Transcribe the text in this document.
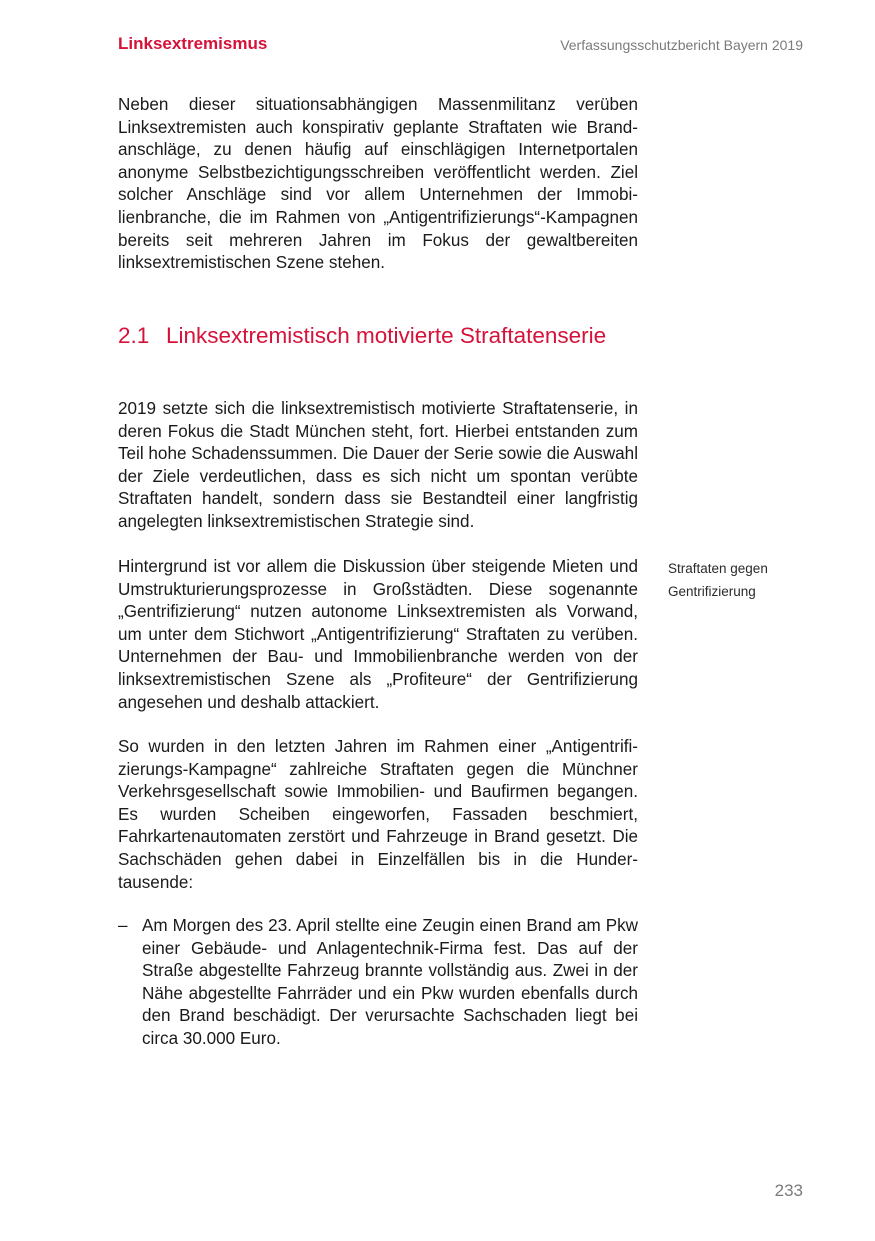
Linksextremismus	Verfassungsschutzbericht Bayern 2019

Neben dieser situationsabhängigen Massenmilitanz verüben Linksextremisten auch konspirativ geplante Straftaten wie Brandanschläge, zu denen häufig auf einschlägigen Internetportalen anonyme Selbstbezichtigungsschreiben veröffentlicht werden. Ziel solcher Anschläge sind vor allem Unternehmen der Immobilienbranche, die im Rahmen von „Antigentrifizierungs“-Kampagnen bereits seit mehreren Jahren im Fokus der gewaltbereiten linksextremistischen Szene stehen.

2.1 Linksextremistisch motivierte Straftatenserie

2019 setzte sich die linksextremistisch motivierte Straftatenserie, in deren Fokus die Stadt München steht, fort. Hierbei entstanden zum Teil hohe Schadenssummen. Die Dauer der Serie sowie die Auswahl der Ziele verdeutlichen, dass es sich nicht um spontan verübte Straftaten handelt, sondern dass sie Bestandteil einer langfristig angelegten linksextremistischen Strategie sind.

Hintergrund ist vor allem die Diskussion über steigende Mieten und Umstrukturierungsprozesse in Großstädten. Diese sogenannte „Gentrifizierung“ nutzen autonome Linksextremisten als Vorwand, um unter dem Stichwort „Antigentrifizierung“ Straftaten zu verüben. Unternehmen der Bau- und Immobilienbranche werden von der linksextremistischen Szene als „Profiteure“ der Gentrifizierung angesehen und deshalb attackiert.

Straftaten gegen
Gentrifizierung

So wurden in den letzten Jahren im Rahmen einer „Antigentrifizierungs-Kampagne“ zahlreiche Straftaten gegen die Münchner Verkehrsgesellschaft sowie Immobilien- und Baufirmen begangen. Es wurden Scheiben eingeworfen, Fassaden beschmiert, Fahrkartenautomaten zerstört und Fahrzeuge in Brand gesetzt. Die Sachschäden gehen dabei in Einzelfällen bis in die Hundertausende:

– Am Morgen des 23. April stellte eine Zeugin einen Brand am Pkw einer Gebäude- und Anlagentechnik-Firma fest. Das auf der Straße abgestellte Fahrzeug brannte vollständig aus. Zwei in der Nähe abgestellte Fahrräder und ein Pkw wurden ebenfalls durch den Brand beschädigt. Der verursachte Sachschaden liegt bei circa 30.000 Euro.
233
